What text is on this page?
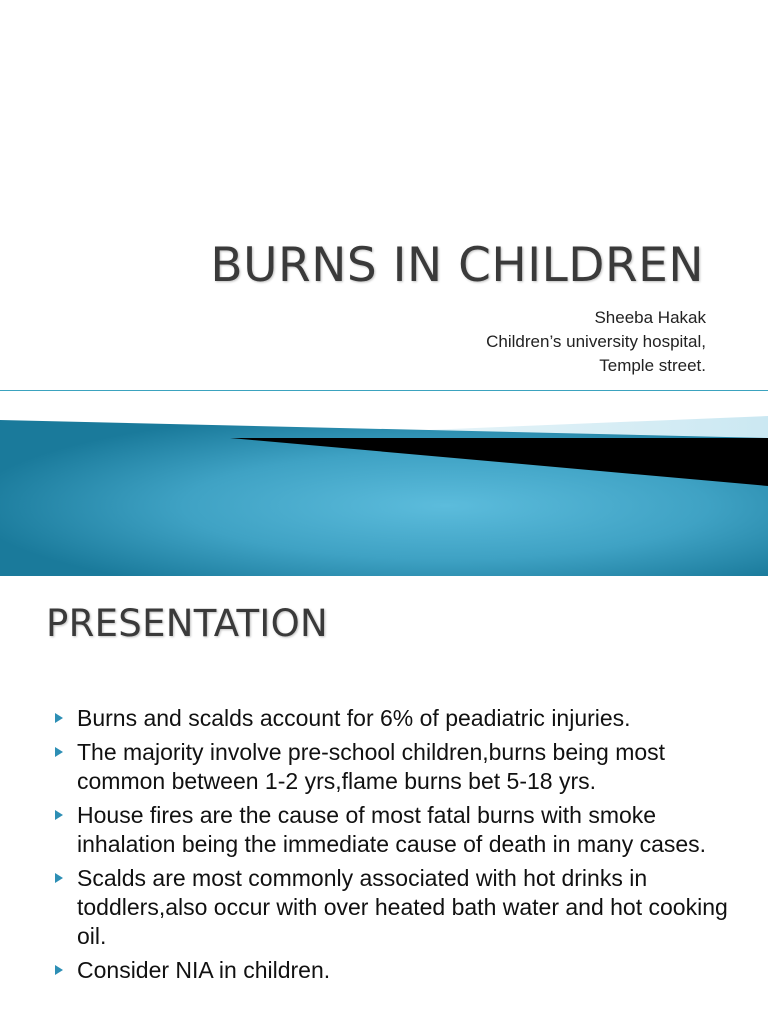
BURNS IN CHILDREN
Sheeba Hakak
Children’s university hospital,
Temple street.
PRESENTATION
Burns and scalds account for 6% of peadiatric injuries.
The majority involve pre-school children,burns being most common between 1-2 yrs,flame burns bet 5-18 yrs.
House fires are the cause of most fatal burns with smoke inhalation being the immediate cause of death in many cases.
Scalds are most commonly associated with hot drinks in toddlers,also occur with over heated bath water and hot cooking oil.
Consider NIA in children.
